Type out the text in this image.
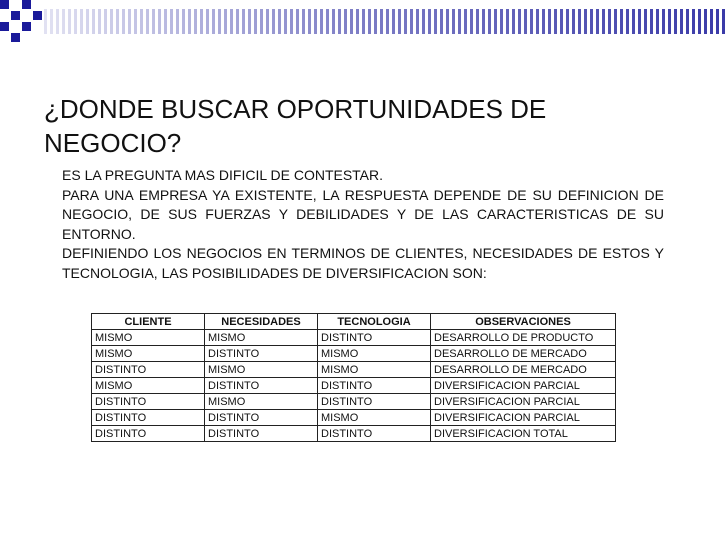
¿DONDE BUSCAR OPORTUNIDADES DE NEGOCIO?

ES LA PREGUNTA MAS DIFICIL DE CONTESTAR.

PARA UNA EMPRESA YA EXISTENTE, LA RESPUESTA DEPENDE DE SU DEFINICION DE NEGOCIO, DE SUS FUERZAS Y DEBILIDADES Y DE LAS CARACTERISTICAS DE SU ENTORNO.

DEFINIENDO LOS NEGOCIOS EN TERMINOS DE CLIENTES, NECESIDADES DE ESTOS Y TECNOLOGIA, LAS POSIBILIDADES DE DIVERSIFICACION SON:

CLIENTE	NECESIDADES	TECNOLOGIA	OBSERVACIONES
MISMO	MISMO	DISTINTO	DESARROLLO DE PRODUCTO
MISMO	DISTINTO	MISMO	DESARROLLO DE MERCADO
DISTINTO	MISMO	MISMO	DESARROLLO DE MERCADO
MISMO	DISTINTO	DISTINTO	DIVERSIFICACION PARCIAL
DISTINTO	MISMO	DISTINTO	DIVERSIFICACION PARCIAL
DISTINTO	DISTINTO	MISMO	DIVERSIFICACION PARCIAL
DISTINTO	DISTINTO	DISTINTO	DIVERSIFICACION TOTAL
